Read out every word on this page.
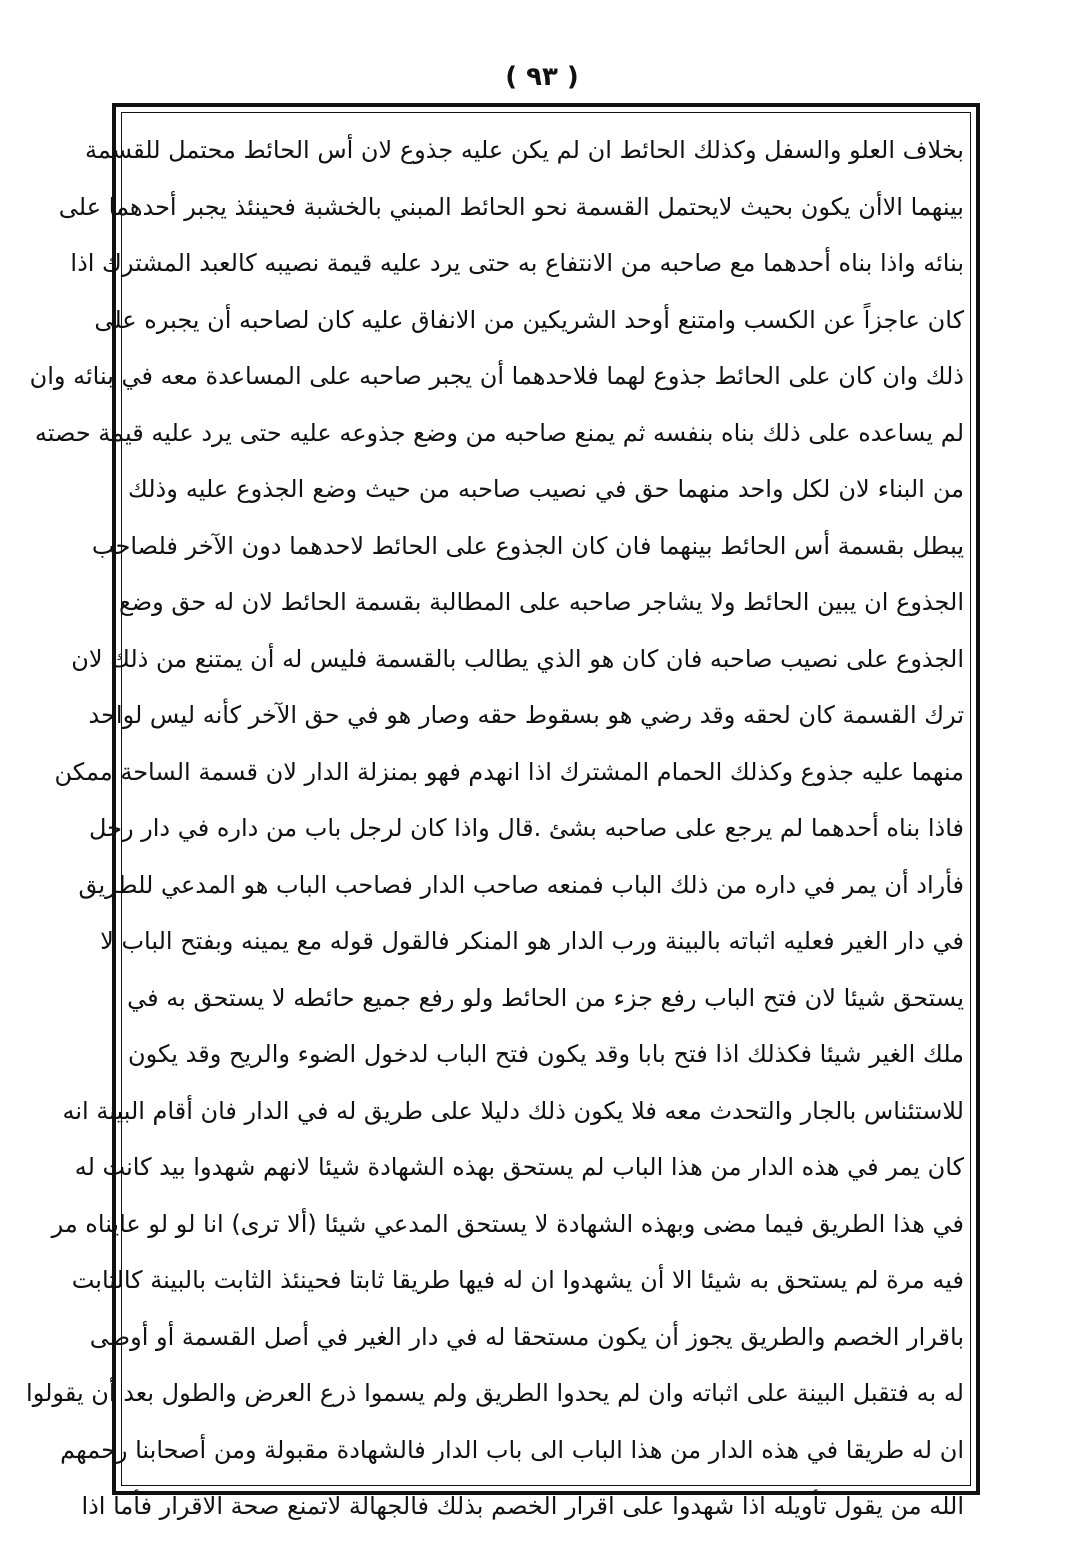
( ٩٣ )
بخلاف العلو والسفل وكذلك الحائط ان لم يكن عليه جذوع لان أس الحائط محتمل للقسمة
بينهما الاأن يكون بحيث لايحتمل القسمة نحو الحائط المبني بالخشبة فحينئذ يجبر أحدهما على
بنائه واذا بناه أحدهما مع صاحبه من الانتفاع به حتى يرد عليه قيمة نصيبه كالعبد المشترك اذا
كان عاجزاً عن الكسب وامتنع أوحد الشريكين من الانفاق عليه كان لصاحبه أن يجبره على
ذلك وان كان على الحائط جذوع لهما فلاحدهما أن يجبر صاحبه على المساعدة معه في بنائه وان
لم يساعده على ذلك بناه بنفسه ثم يمنع صاحبه من وضع جذوعه عليه حتى يرد عليه قيمة حصته
من البناء لان لكل واحد منهما حق في نصيب صاحبه من حيث وضع الجذوع عليه وذلك
يبطل بقسمة أس الحائط بينهما فان كان الجذوع على الحائط لاحدهما دون الآخر فلصاحب
الجذوع ان يبين الحائط ولا يشاجر صاحبه على المطالبة بقسمة الحائط لان له حق وضع
الجذوع على نصيب صاحبه فان كان هو الذي يطالب بالقسمة فليس له أن يمتنع من ذلك لان
ترك القسمة كان لحقه وقد رضي هو بسقوط حقه وصار هو في حق الآخر كأنه ليس لواحد
منهما عليه جذوع وكذلك الحمام المشترك اذا انهدم فهو بمنزلة الدار لان قسمة الساحة ممكن
فاذا بناه أحدهما لم يرجع على صاحبه بشئ .قال واذا كان لرجل باب من داره في دار رجل
فأراد أن يمر في داره من ذلك الباب فمنعه صاحب الدار فصاحب الباب هو المدعي للطريق
في دار الغير فعليه اثباته بالبينة ورب الدار هو المنكر فالقول قوله مع يمينه وبفتح الباب لا
يستحق شيئا لان فتح الباب رفع جزء من الحائط ولو رفع جميع حائطه لا يستحق به في
ملك الغير شيئا فكذلك اذا فتح بابا وقد يكون فتح الباب لدخول الضوء والريح وقد يكون
للاستئناس بالجار والتحدث معه فلا يكون ذلك دليلا على طريق له في الدار فان أقام البينة انه
كان يمر في هذه الدار من هذا الباب لم يستحق بهذه الشهادة شيئا لانهم شهدوا بيد كانت له
في هذا الطريق فيما مضى وبهذه الشهادة لا يستحق المدعي شيئا (ألا ترى) انا لو لو عايناه مر
فيه مرة لم يستحق به شيئا الا أن يشهدوا ان له فيها طريقا ثابتا فحينئذ الثابت بالبينة كالثابت
باقرار الخصم والطريق يجوز أن يكون مستحقا له في دار الغير في أصل القسمة أو أوصى
له به فتقبل البينة على اثباته وان لم يحدوا الطريق ولم يسموا ذرع العرض والطول بعد أن يقولوا
ان له طريقا في هذه الدار من هذا الباب الى باب الدار فالشهادة مقبولة ومن أصحابنا رحمهم
الله من يقول تأويله اذا شهدوا على اقرار الخصم بذلك فالجهالة لاتمنع صحة الاقرار فأما اذا
